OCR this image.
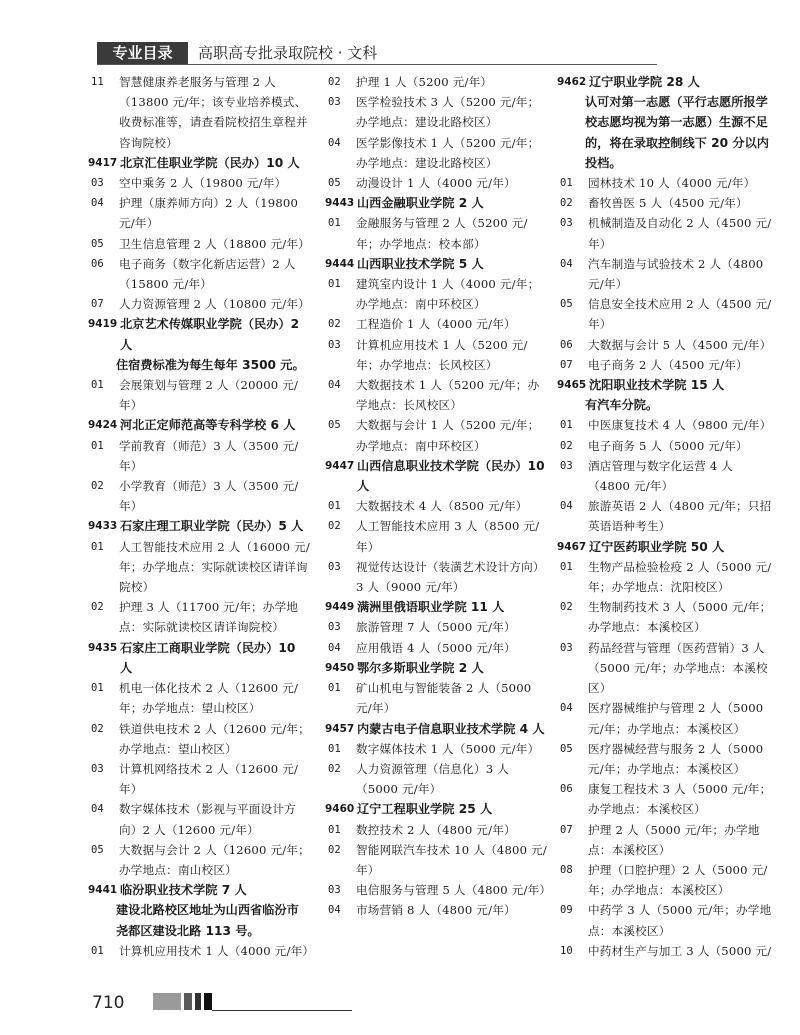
专业目录	高职高专批录取院校 · 文科
11	智慧健康养老服务与管理 2 人（13800 元/年；该专业培养模式、收费标准等，请查看院校招生章程并咨询院校）
9417 北京汇佳职业学院（民办）10 人
03	空中乘务 2 人（19800 元/年）
04	护理（康养师方向）2 人（19800 元/年）
05	卫生信息管理 2 人（18800 元/年）
06	电子商务（数字化新店运营）2 人（15800 元/年）
07	人力资源管理 2 人（10800 元/年）
9419 北京艺术传媒职业学院（民办）2 人
住宿费标准为每生每年 3500 元。
01	会展策划与管理 2 人（20000 元/年）
9424 河北正定师范高等专科学校 6 人
01	学前教育（师范）3 人（3500 元/年）
02	小学教育（师范）3 人（3500 元/年）
9433 石家庄理工职业学院（民办）5 人
01	人工智能技术应用 2 人（16000 元/年；办学地点：实际就读校区请详询院校）
02	护理 3 人（11700 元/年；办学地点：实际就读校区请详询院校）
9435 石家庄工商职业学院（民办）10 人
01	机电一体化技术 2 人（12600 元/年；办学地点：望山校区）
02	铁道供电技术 2 人（12600 元/年；办学地点：望山校区）
03	计算机网络技术 2 人（12600 元/年）
04	数字媒体技术（影视与平面设计方向）2 人（12600 元/年）
05	大数据与会计 2 人（12600 元/年；办学地点：南山校区）
9441 临汾职业技术学院 7 人
建设北路校区地址为山西省临汾市尧都区建设北路 113 号。
01	计算机应用技术 1 人（4000 元/年）
02	护理 1 人（5200 元/年）
03	医学检验技术 3 人（5200 元/年；办学地点：建设北路校区）
04	医学影像技术 1 人（5200 元/年；办学地点：建设北路校区）
05	动漫设计 1 人（4000 元/年）
9443 山西金融职业学院 2 人
01	金融服务与管理 2 人（5200 元/年；办学地点：校本部）
9444 山西职业技术学院 5 人
01	建筑室内设计 1 人（4000 元/年；办学地点：南中环校区）
02	工程造价 1 人（4000 元/年）
03	计算机应用技术 1 人（5200 元/年；办学地点：长风校区）
04	大数据技术 1 人（5200 元/年；办学地点：长风校区）
05	大数据与会计 1 人（5200 元/年；办学地点：南中环校区）
9447 山西信息职业技术学院（民办）10 人
01	大数据技术 4 人（8500 元/年）
02	人工智能技术应用 3 人（8500 元/年）
03	视觉传达设计（装潢艺术设计方向）3 人（9000 元/年）
9449 满洲里俄语职业学院 11 人
03	旅游管理 7 人（5000 元/年）
04	应用俄语 4 人（5000 元/年）
9450 鄂尔多斯职业学院 2 人
01	矿山机电与智能装备 2 人（5000 元/年）
9457 内蒙古电子信息职业技术学院 4 人
01	数字媒体技术 1 人（5000 元/年）
02	人力资源管理（信息化）3 人（5000 元/年）
9460 辽宁工程职业学院 25 人
01	数控技术 2 人（4800 元/年）
02	智能网联汽车技术 10 人（4800 元/年）
03	电信服务与管理 5 人（4800 元/年）
04	市场营销 8 人（4800 元/年）
9462 辽宁职业学院 28 人
认可对第一志愿（平行志愿所报学校志愿均视为第一志愿）生源不足的，将在录取控制线下 20 分以内投档。
01	园林技术 10 人（4000 元/年）
02	畜牧兽医 5 人（4500 元/年）
03	机械制造及自动化 2 人（4500 元/年）
04	汽车制造与试验技术 2 人（4800 元/年）
05	信息安全技术应用 2 人（4500 元/年）
06	大数据与会计 5 人（4500 元/年）
07	电子商务 2 人（4500 元/年）
9465 沈阳职业技术学院 15 人
有汽车分院。
01	中医康复技术 4 人（9800 元/年）
02	电子商务 5 人（5000 元/年）
03	酒店管理与数字化运营 4 人（4800 元/年）
04	旅游英语 2 人（4800 元/年；只招英语语种考生）
9467 辽宁医药职业学院 50 人
01	生物产品检验检疫 2 人（5000 元/年；办学地点：沈阳校区）
02	生物制药技术 3 人（5000 元/年；办学地点：本溪校区）
03	药品经营与管理（医药营销）3 人（5000 元/年；办学地点：本溪校区）
04	医疗器械维护与管理 2 人（5000 元/年；办学地点：本溪校区）
05	医疗器械经营与服务 2 人（5000 元/年；办学地点：本溪校区）
06	康复工程技术 3 人（5000 元/年；办学地点：本溪校区）
07	护理 2 人（5000 元/年；办学地点：本溪校区）
08	护理（口腔护理）2 人（5000 元/年；办学地点：本溪校区）
09	中药学 3 人（5000 元/年；办学地点：本溪校区）
10	中药材生产与加工 3 人（5000 元/
710
